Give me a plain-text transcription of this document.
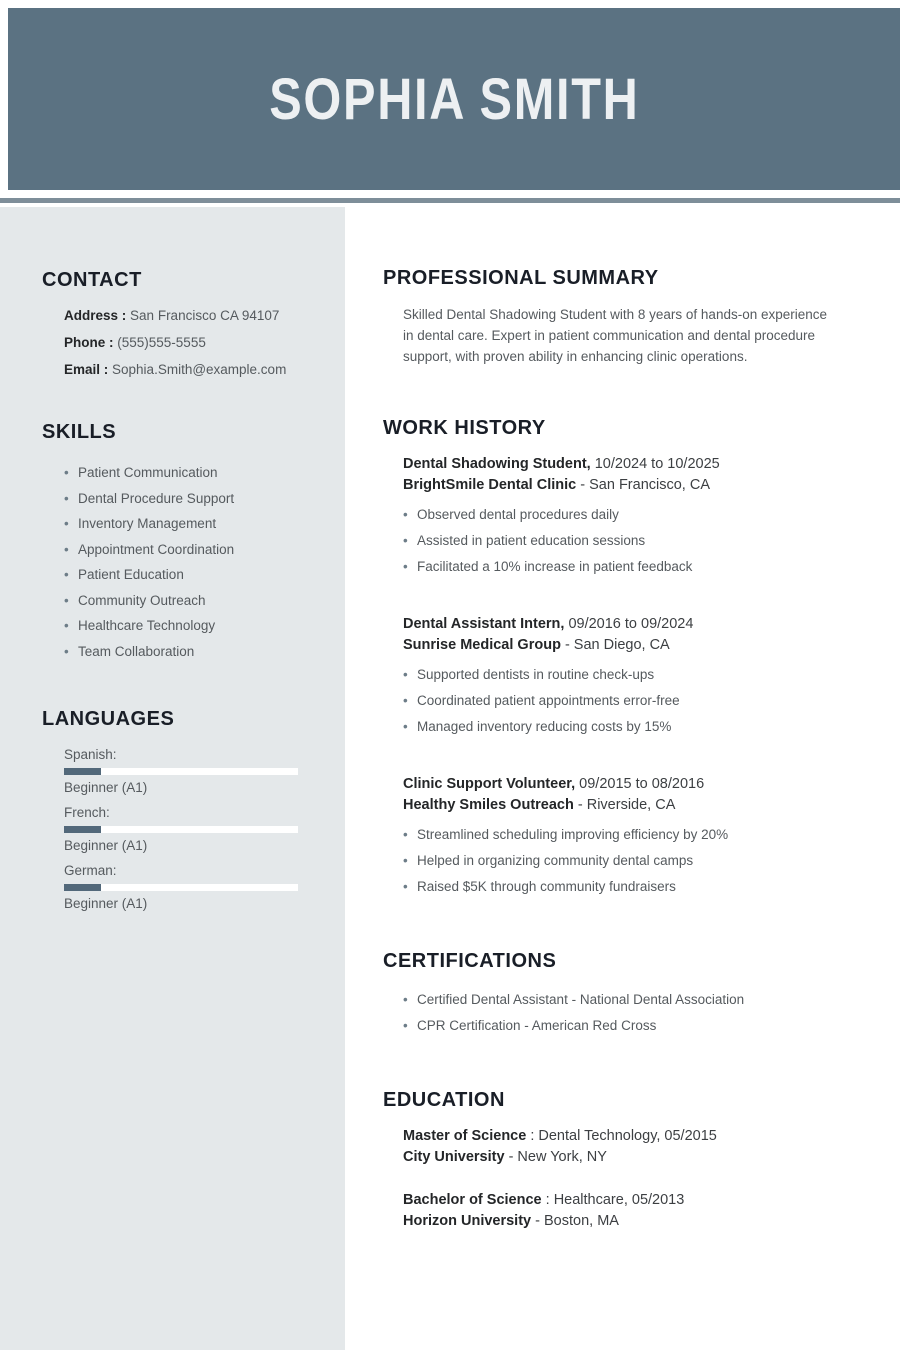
SOPHIA SMITH
CONTACT
Address : San Francisco CA 94107
Phone : (555)555-5555
Email : Sophia.Smith@example.com
SKILLS
• Patient Communication
• Dental Procedure Support
• Inventory Management
• Appointment Coordination
• Patient Education
• Community Outreach
• Healthcare Technology
• Team Collaboration
LANGUAGES
Spanish:
Beginner (A1)
French:
Beginner (A1)
German:
Beginner (A1)
PROFESSIONAL SUMMARY

Skilled Dental Shadowing Student with 8 years of hands-on experience in dental care. Expert in patient communication and dental procedure support, with proven ability in enhancing clinic operations.

WORK HISTORY
Dental Shadowing Student, 10/2024 to 10/2025
BrightSmile Dental Clinic - San Francisco, CA
• Observed dental procedures daily
• Assisted in patient education sessions
• Facilitated a 10% increase in patient feedback
Dental Assistant Intern, 09/2016 to 09/2024
Sunrise Medical Group - San Diego, CA
• Supported dentists in routine check-ups
• Coordinated patient appointments error-free
• Managed inventory reducing costs by 15%
Clinic Support Volunteer, 09/2015 to 08/2016
Healthy Smiles Outreach - Riverside, CA
• Streamlined scheduling improving efficiency by 20%
• Helped in organizing community dental camps
• Raised $5K through community fundraisers
CERTIFICATIONS
• Certified Dental Assistant - National Dental Association
• CPR Certification - American Red Cross
EDUCATION
Master of Science : Dental Technology, 05/2015
City University - New York, NY
Bachelor of Science : Healthcare, 05/2013
Horizon University - Boston, MA
